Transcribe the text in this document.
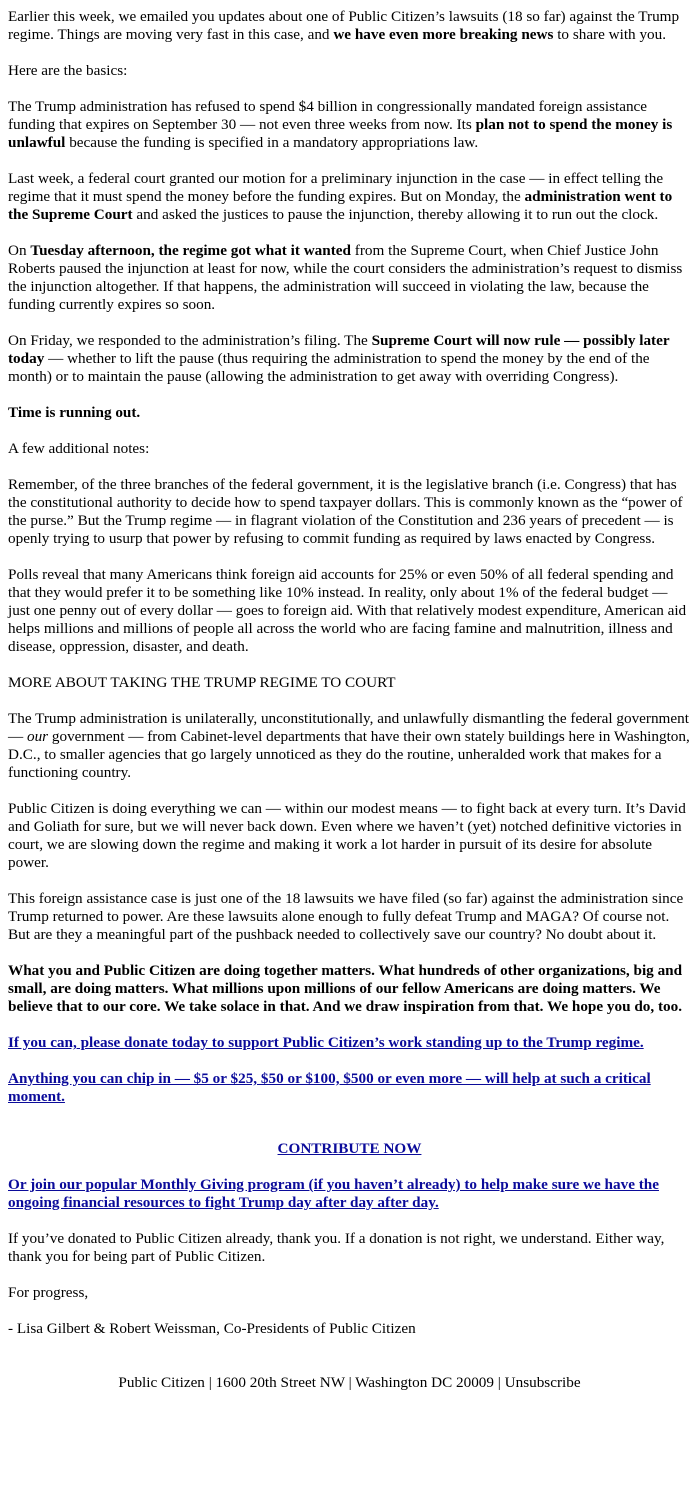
Earlier this week, we emailed you updates about one of Public Citizen’s lawsuits (18 so far) against the Trump regime. Things are moving very fast in this case, and we have even more breaking news to share with you.

Here are the basics:

The Trump administration has refused to spend $4 billion in congressionally mandated foreign assistance funding that expires on September 30 — not even three weeks from now. Its plan not to spend the money is unlawful because the funding is specified in a mandatory appropriations law.

Last week, a federal court granted our motion for a preliminary injunction in the case — in effect telling the regime that it must spend the money before the funding expires. But on Monday, the administration went to the Supreme Court and asked the justices to pause the injunction, thereby allowing it to run out the clock.

On Tuesday afternoon, the regime got what it wanted from the Supreme Court, when Chief Justice John Roberts paused the injunction at least for now, while the court considers the administration’s request to dismiss the injunction altogether. If that happens, the administration will succeed in violating the law, because the funding currently expires so soon.

On Friday, we responded to the administration’s filing. The Supreme Court will now rule — possibly later today — whether to lift the pause (thus requiring the administration to spend the money by the end of the month) or to maintain the pause (allowing the administration to get away with overriding Congress).

Time is running out.

A few additional notes:

Remember, of the three branches of the federal government, it is the legislative branch (i.e. Congress) that has the constitutional authority to decide how to spend taxpayer dollars. This is commonly known as the “power of the purse.” But the Trump regime — in flagrant violation of the Constitution and 236 years of precedent — is openly trying to usurp that power by refusing to commit funding as required by laws enacted by Congress.

Polls reveal that many Americans think foreign aid accounts for 25% or even 50% of all federal spending and that they would prefer it to be something like 10% instead. In reality, only about 1% of the federal budget — just one penny out of every dollar — goes to foreign aid. With that relatively modest expenditure, American aid helps millions and millions of people all across the world who are facing famine and malnutrition, illness and disease, oppression, disaster, and death.

MORE ABOUT TAKING THE TRUMP REGIME TO COURT

The Trump administration is unilaterally, unconstitutionally, and unlawfully dismantling the federal government — our government — from Cabinet-level departments that have their own stately buildings here in Washington, D.C., to smaller agencies that go largely unnoticed as they do the routine, unheralded work that makes for a functioning country.

Public Citizen is doing everything we can — within our modest means — to fight back at every turn. It’s David and Goliath for sure, but we will never back down. Even where we haven’t (yet) notched definitive victories in court, we are slowing down the regime and making it work a lot harder in pursuit of its desire for absolute power.

This foreign assistance case is just one of the 18 lawsuits we have filed (so far) against the administration since Trump returned to power. Are these lawsuits alone enough to fully defeat Trump and MAGA? Of course not. But are they a meaningful part of the pushback needed to collectively save our country? No doubt about it.

What you and Public Citizen are doing together matters. What hundreds of other organizations, big and small, are doing matters. What millions upon millions of our fellow Americans are doing matters. We believe that to our core. We take solace in that. And we draw inspiration from that. We hope you do, too.

If you can, please donate today to support Public Citizen’s work standing up to the Trump regime.

Anything you can chip in — $5 or $25, $50 or $100, $500 or even more — will help at such a critical moment.

CONTRIBUTE NOW

Or join our popular Monthly Giving program (if you haven’t already) to help make sure we have the ongoing financial resources to fight Trump day after day after day.

If you’ve donated to Public Citizen already, thank you. If a donation is not right, we understand. Either way, thank you for being part of Public Citizen.

For progress,

- Lisa Gilbert & Robert Weissman, Co-Presidents of Public Citizen

Public Citizen | 1600 20th Street NW | Washington DC 20009 | Unsubscribe
